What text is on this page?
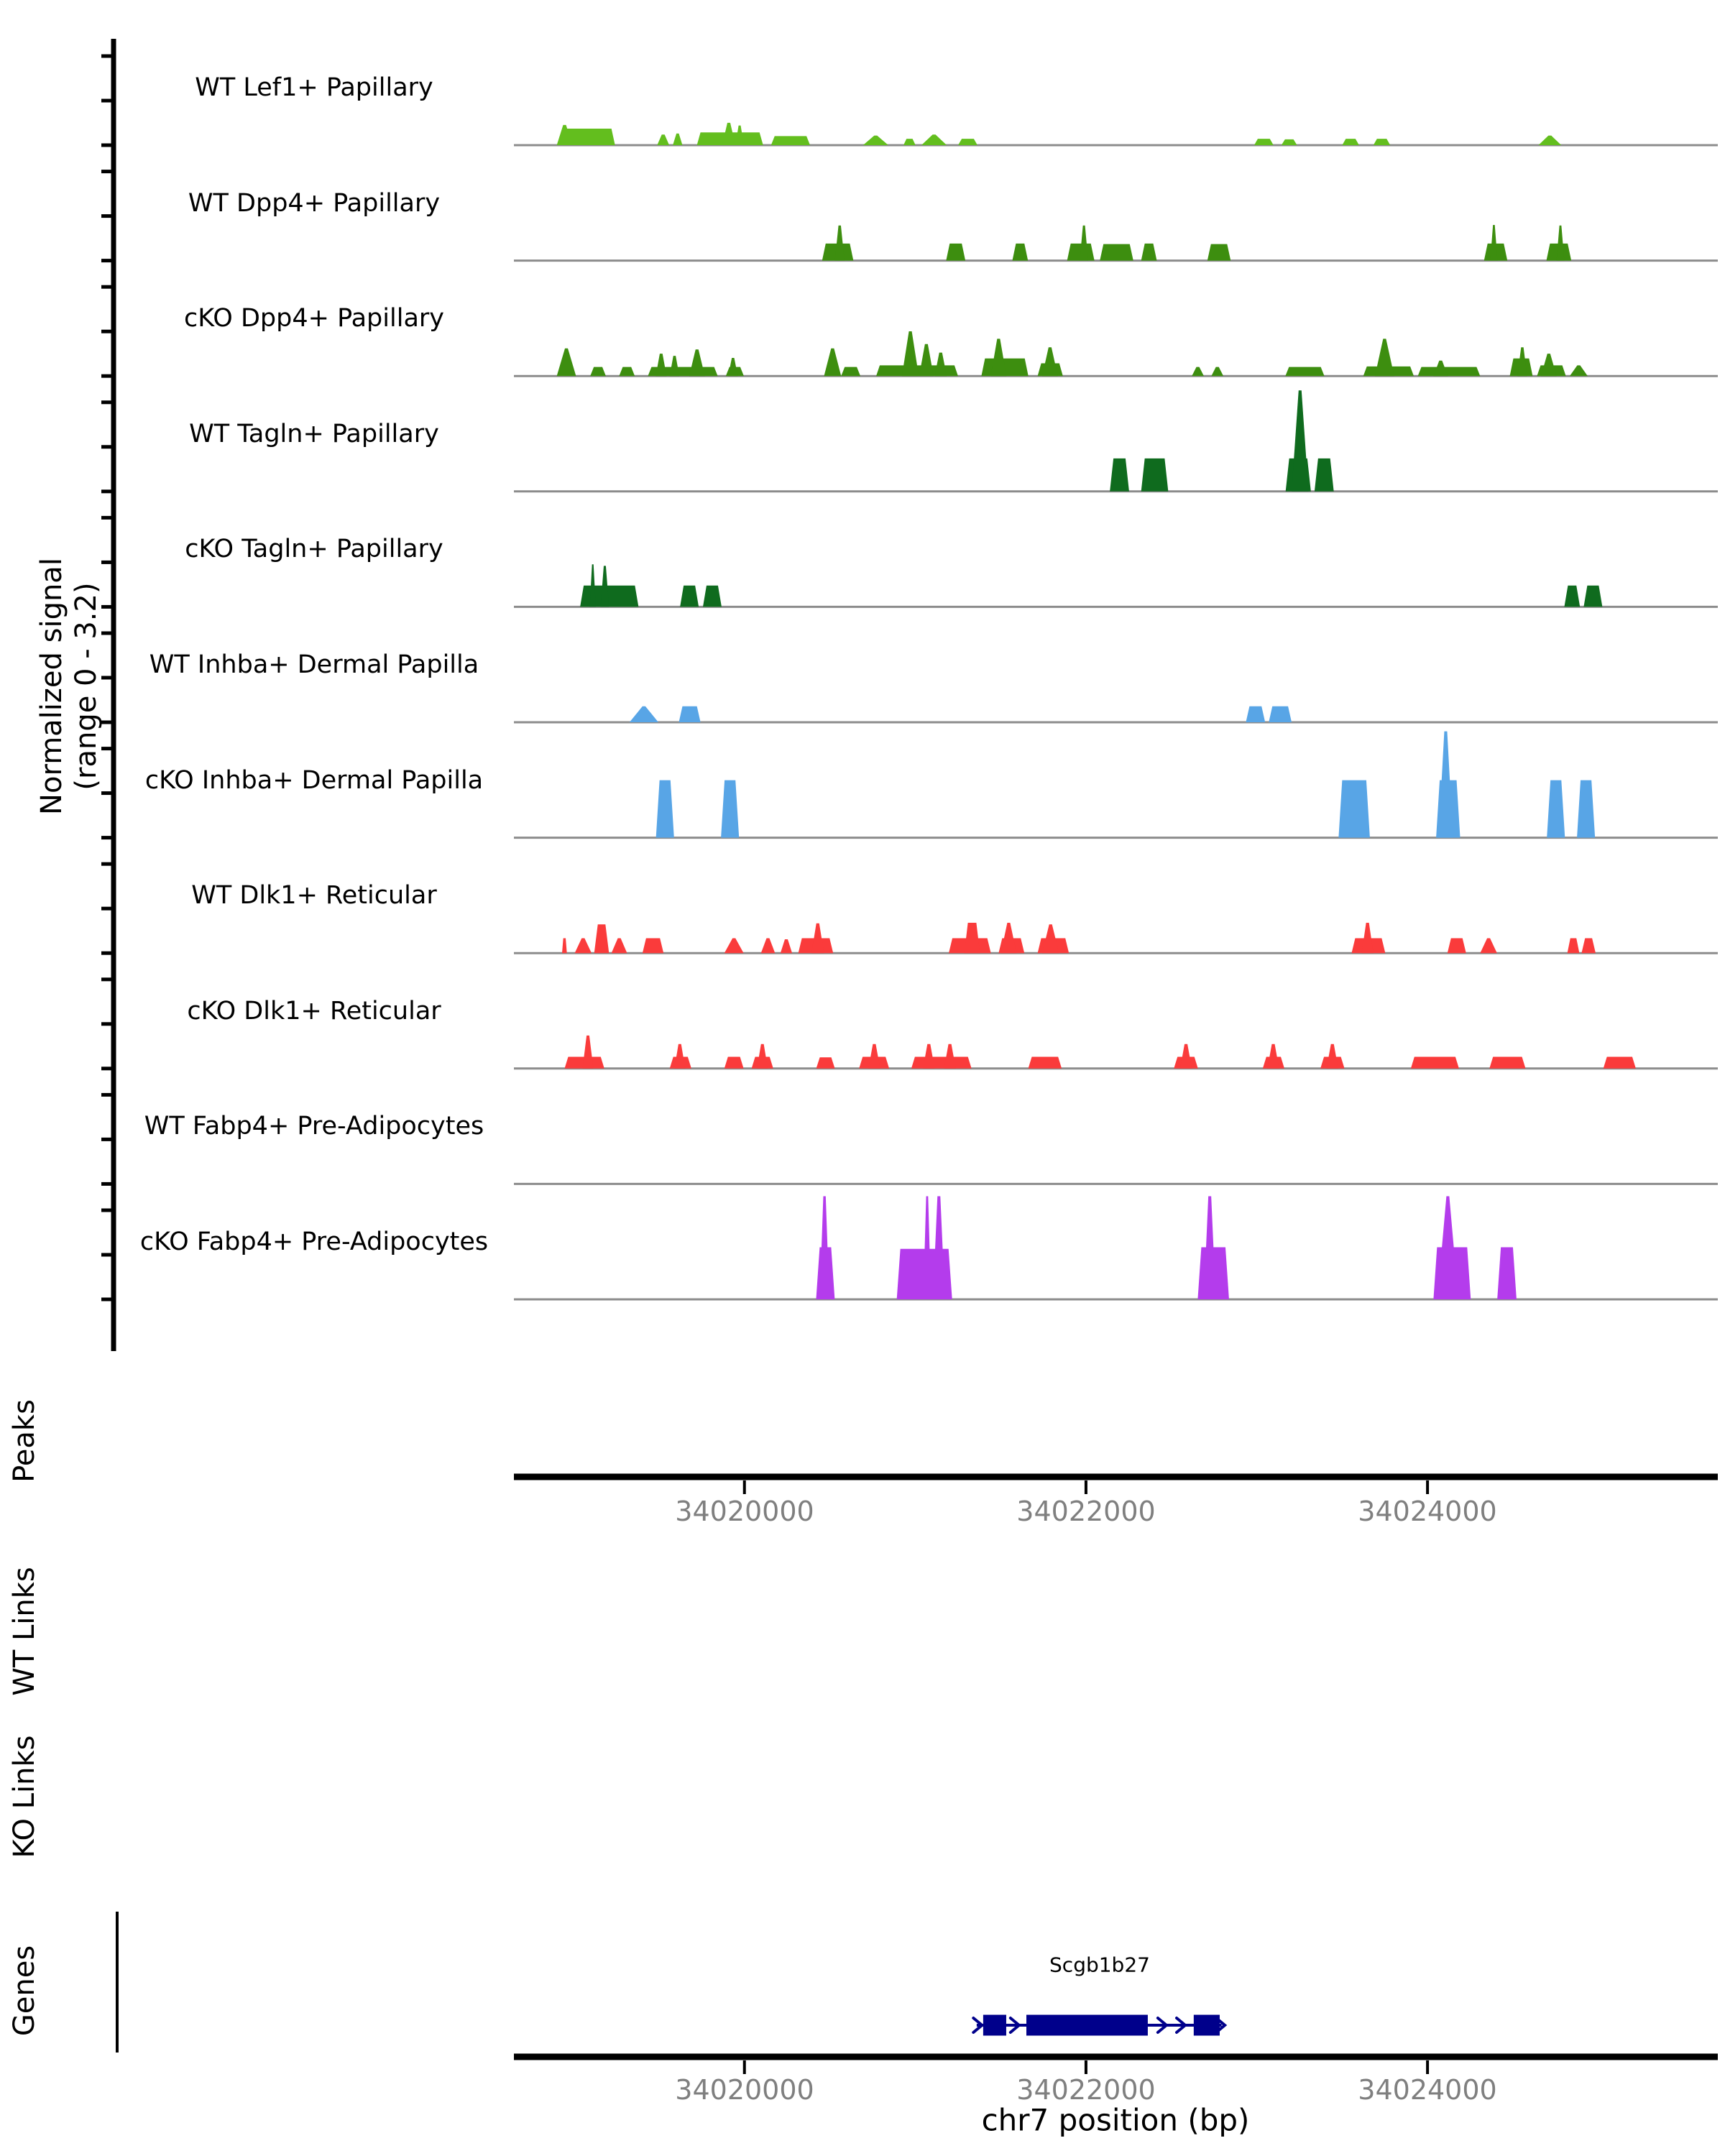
Normalized signal (range 0 - 3.2)
WT Lef1+ Papillary
WT Dpp4+ Papillary
cKO Dpp4+ Papillary
WT Tagln+ Papillary
cKO Tagln+ Papillary
WT Inhba+ Dermal Papilla
cKO Inhba+ Dermal Papilla
WT Dlk1+ Reticular
cKO Dlk1+ Reticular
WT Fabp4+ Pre-Adipocytes
cKO Fabp4+ Pre-Adipocytes
Peaks
WT Links
KO Links
Genes
34020000	34022000	34024000
Scgb1b27
34020000	34022000	34024000
chr7 position (bp)
